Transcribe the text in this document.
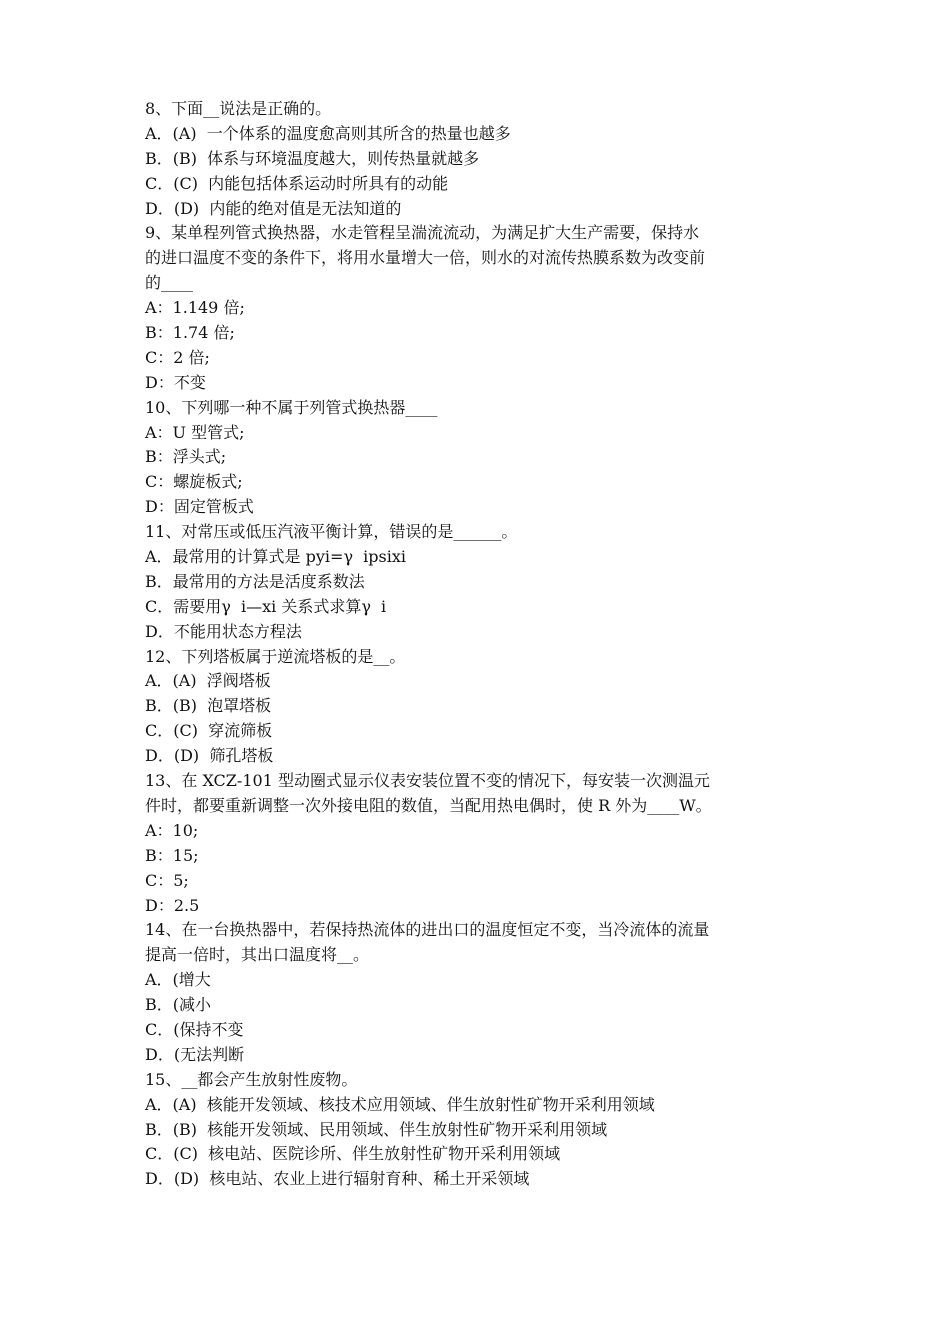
8、下面__说法是正确的。
A．(A)  一个体系的温度愈高则其所含的热量也越多
B．(B)  体系与环境温度越大，则传热量就越多
C．(C)  内能包括体系运动时所具有的动能
D．(D)  内能的绝对值是无法知道的
9、某单程列管式换热器，水走管程呈湍流流动，为满足扩大生产需要，保持水
的进口温度不变的条件下，将用水量增大一倍，则水的对流传热膜系数为改变前
的____
A：1.149 倍;
B：1.74 倍;
C：2 倍;
D：不变
10、下列哪一种不属于列管式换热器____
A：U 型管式;
B：浮头式;
C：螺旋板式;
D：固定管板式
11、对常压或低压汽液平衡计算，错误的是______。
A．最常用的计算式是 pyi=γ  ipsixi
B．最常用的方法是活度系数法
C．需要用γ  i—xi 关系式求算γ  i
D．不能用状态方程法
12、下列塔板属于逆流塔板的是__。
A．(A)  浮阀塔板
B．(B)  泡罩塔板
C．(C)  穿流筛板
D．(D)  筛孔塔板
13、在 XCZ-101 型动圈式显示仪表安装位置不变的情况下，每安装一次测温元
件时，都要重新调整一次外接电阻的数值，当配用热电偶时，使 R 外为____W。
A：10;
B：15;
C：5;
D：2.5
14、在一台换热器中，若保持热流体的进出口的温度恒定不变，当冷流体的流量
提高一倍时，其出口温度将__。
A．(增大
B．(减小
C．(保持不变
D．(无法判断
15、__都会产生放射性废物。
A．(A)  核能开发领域、核技术应用领域、伴生放射性矿物开采利用领域
B．(B)  核能开发领域、民用领域、伴生放射性矿物开采利用领域
C．(C)  核电站、医院诊所、伴生放射性矿物开采利用领域
D．(D)  核电站、农业上进行辐射育种、稀土开采领域
